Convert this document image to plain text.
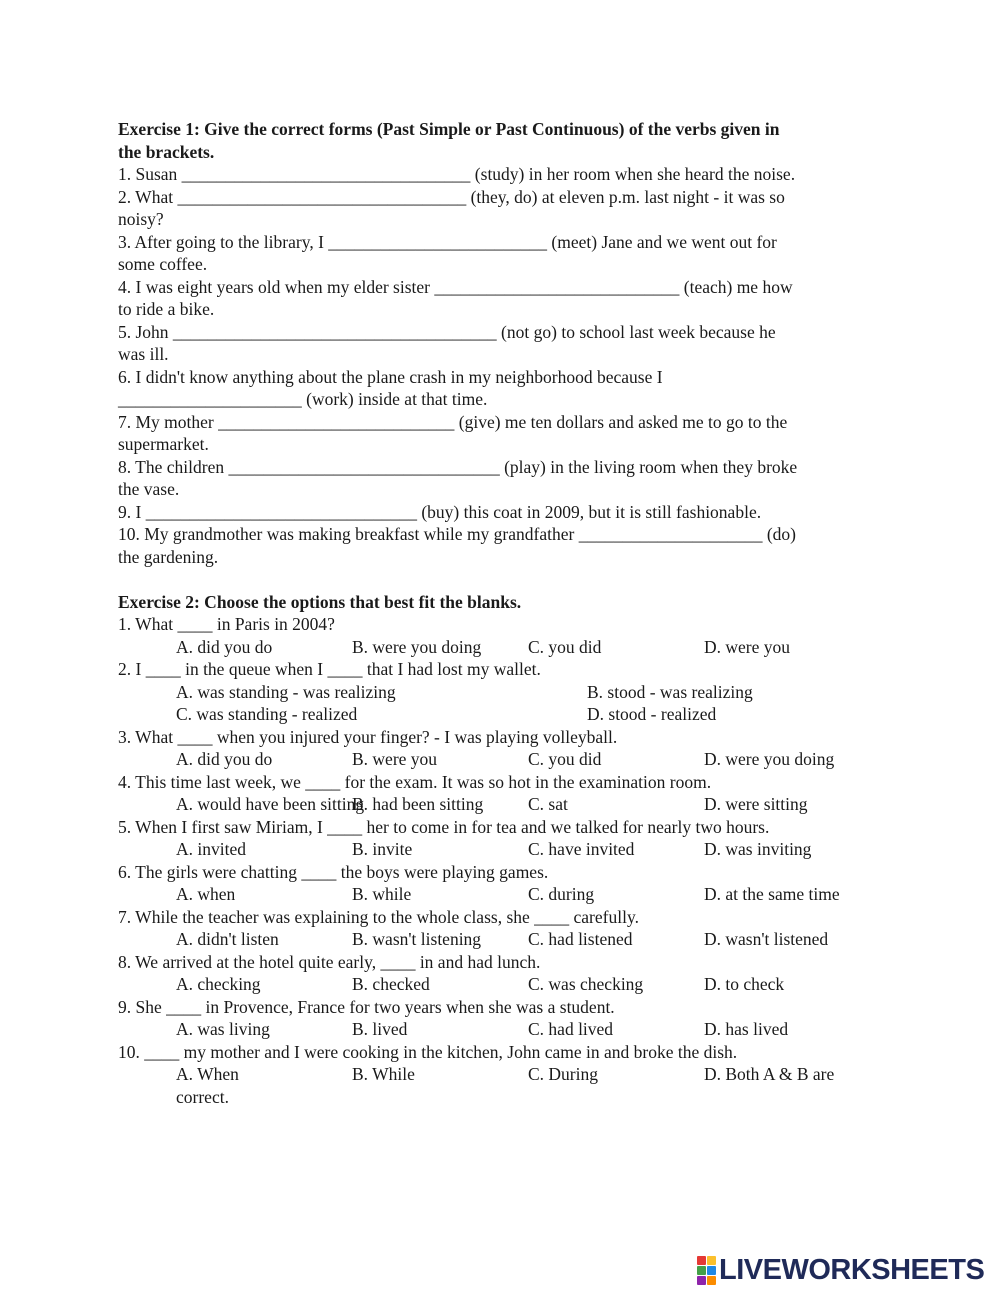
Exercise 1: Give the correct forms (Past Simple or Past Continuous) of the verbs given in
the brackets.
1. Susan _________________________________ (study) in her room when she heard the noise.
2. What _________________________________ (they, do) at eleven p.m. last night - it was so
noisy?
3. After going to the library, I _________________________ (meet) Jane and we went out for
some coffee.
4. I was eight years old when my elder sister ____________________________ (teach) me how
to ride a bike.
5. John _____________________________________ (not go) to school last week because he
was ill.
6. I didn't know anything about the plane crash in my neighborhood because I
_____________________ (work) inside at that time.
7. My mother ___________________________ (give) me ten dollars and asked me to go to the
supermarket.
8. The children _______________________________ (play) in the living room when they broke
the vase.
9. I _______________________________ (buy) this coat in 2009, but it is still fashionable.
10. My grandmother was making breakfast while my grandfather _____________________ (do)
the gardening.
Exercise 2: Choose the options that best fit the blanks.
1. What ____ in Paris in 2004?
A. did you do	B. were you doing	C. you did	D. were you
2. I ____ in the queue when I ____ that I had lost my wallet.
A. was standing - was realizing	B. stood - was realizing
C. was standing - realized	D. stood - realized
3. What ____ when you injured your finger? - I was playing volleyball.
A. did you do	B. were you	C. you did	D. were you doing
4. This time last week, we ____ for the exam. It was so hot in the examination room.
A. would have been sitting
B. had been sitting	C. sat	D. were sitting
5. When I first saw Miriam, I ____ her to come in for tea and we talked for nearly two hours.
A. invited	B. invite	C. have invited	D. was inviting
6. The girls were chatting ____ the boys were playing games.
A. when	B. while	C. during	D. at the same time
7. While the teacher was explaining to the whole class, she ____ carefully.
A. didn't listen	B. wasn't listening	C. had listened	D. wasn't listened
8. We arrived at the hotel quite early, ____ in and had lunch.
A. checking	B. checked	C. was checking	D. to check
9. She ____ in Provence, France for two years when she was a student.
A. was living	B. lived	C. had lived	D. has lived
10. ____ my mother and I were cooking in the kitchen, John came in and broke the dish.
A. When	B. While	C. During	D. Both A & B are
correct.
LIVEWORKSHEETS
